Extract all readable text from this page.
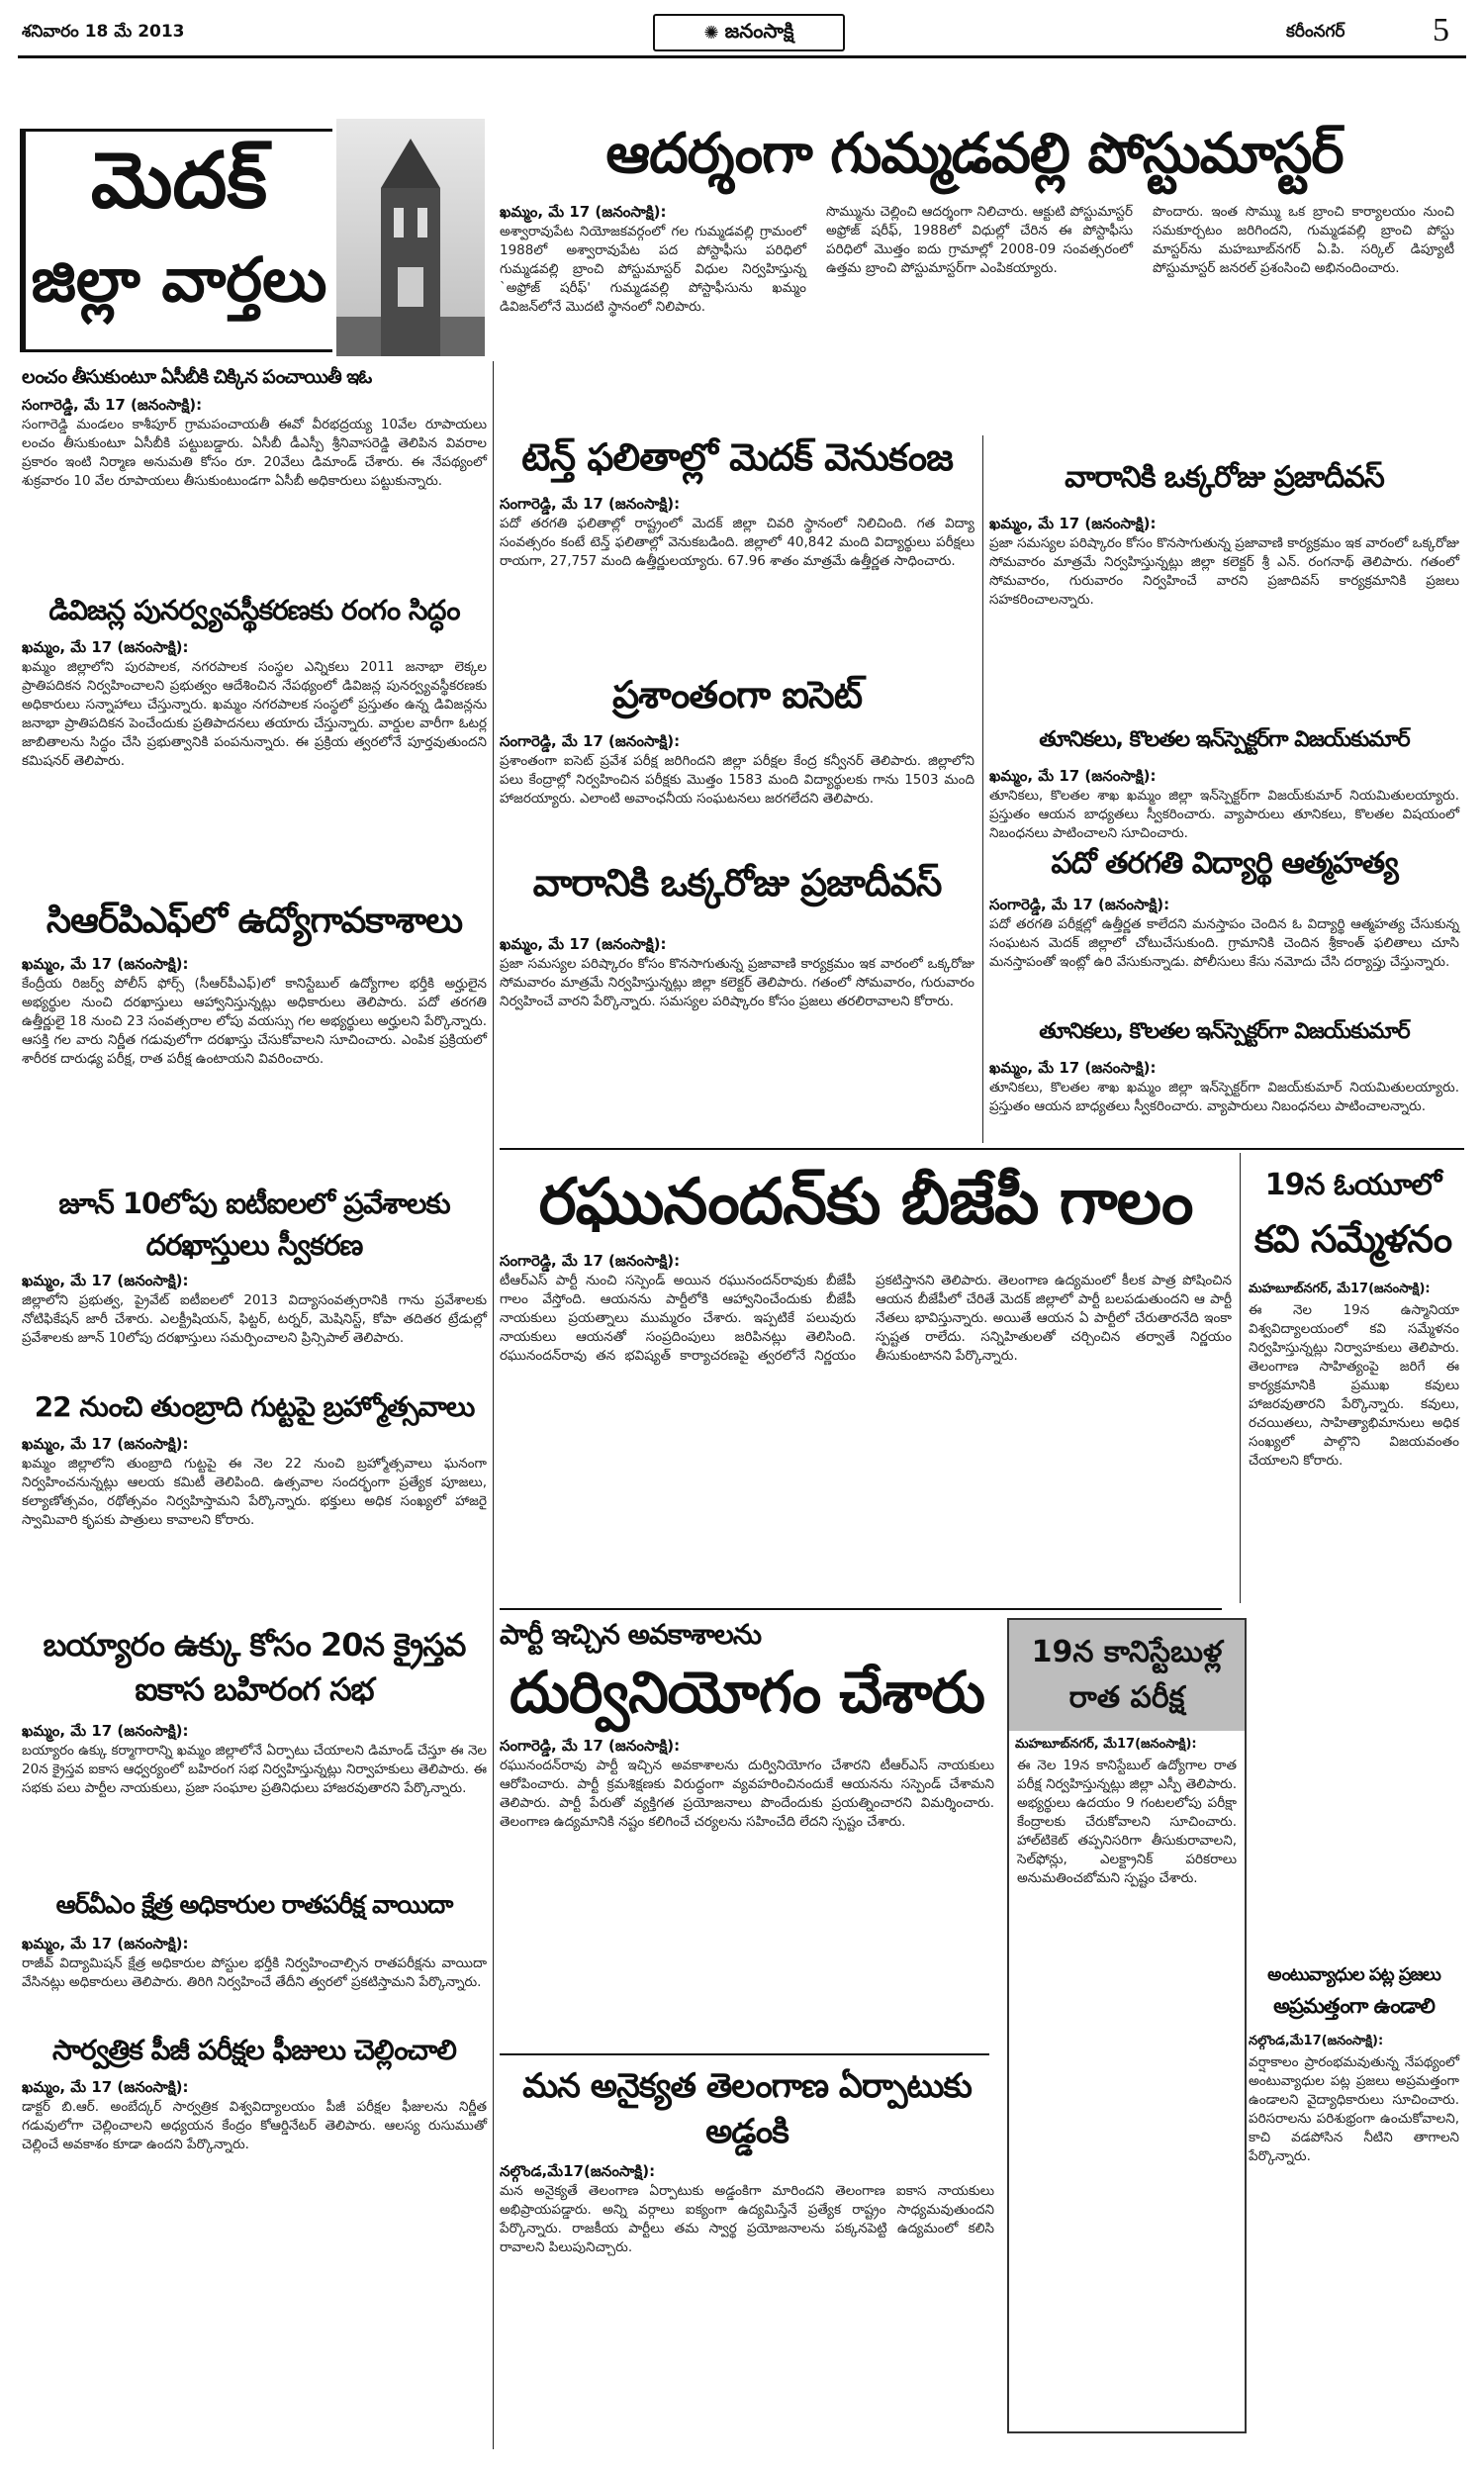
శనివారం 18 మే 2013	✺ జనంసాక్షి	కరీంనగర్	5
మెదక్
జిల్లా వార్తలు
ఆదర్శంగా గుమ్మడవల్లి పోస్టుమాస్టర్
ఖమ్మం, మే 17 (జనంసాక్షి):
అశ్వారావుపేట నియోజకవర్గంలో గల గుమ్మడవల్లి గ్రామంలో 1988లో అశ్వారావుపేట పద పోస్టాఫీసు పరిధిలో గుమ్మడవల్లి బ్రాంచి పోస్టుమాస్టర్‌ విధుల నిర్వహిస్తున్న `అఫ్రోజ్‌ షరీఫ్‌' గుమ్మడవల్లి పోస్టాఫీసును ఖమ్మం డివిజన్‌లోనే మొదటి స్థానంలో నిలిపారు.
సొమ్మును చెల్లించి ఆదర్శంగా నిలిచారు. ఆక్టుటి పోస్టుమాస్టర్‌ అఫ్రోజ్‌ షరీఫ్‌, 1988లో విధుల్లో చేరిన ఈ పోస్టాఫీసు పరిధిలో మొత్తం ఐదు గ్రామాల్లో 2008-09 సంవత్సరంలో ఉత్తమ బ్రాంచి పోస్టుమాస్టర్‌గా ఎంపికయ్యారు.
పొందారు. ఇంత సొమ్ము ఒక బ్రాంచి కార్యాలయం నుంచి సమకూర్చటం జరిగిందని, గుమ్మడవల్లి బ్రాంచి పోస్టు మాస్టర్‌ను మహబూబ్‌నగర్‌ ఏ.పి. సర్కిల్‌ డిప్యూటీ పోస్టుమాస్టర్‌ జనరల్‌ ప్రశంసించి అభినందించారు.
లంచం తీసుకుంటూ ఏసీబీకి చిక్కిన పంచాయితీ ఇఓ
సంగారెడ్డి, మే 17 (జనంసాక్షి):
సంగారెడ్డి మండలం కాశీపూర్‌ గ్రామపంచాయతీ ఈవో వీరభద్రయ్య 10వేల రూపాయలు లంచం తీసుకుంటూ ఏసీబీకి పట్టుబడ్డారు. ఏసీబీ డీఎస్పీ శ్రీనివాసరెడ్డి తెలిపిన వివరాల ప్రకారం ఇంటి నిర్మాణ అనుమతి కోసం రూ. 20వేలు డిమాండ్‌ చేశారు. ఈ నేపథ్యంలో శుక్రవారం 10 వేల రూపాయలు తీసుకుంటుండగా ఏసీబీ అధికారులు పట్టుకున్నారు.
డివిజన్ల పునర్వ్యవస్థీకరణకు రంగం సిద్ధం
ఖమ్మం, మే 17 (జనంసాక్షి):
ఖమ్మం జిల్లాలోని పురపాలక, నగరపాలక సంస్థల ఎన్నికలు 2011 జనాభా లెక్కల ప్రాతిపదికన నిర్వహించాలని ప్రభుత్వం ఆదేశించిన నేపథ్యంలో డివిజన్ల పునర్వ్యవస్థీకరణకు అధికారులు సన్నాహాలు చేస్తున్నారు. ఖమ్మం నగరపాలక సంస్థలో ప్రస్తుతం ఉన్న డివిజన్లను జనాభా ప్రాతిపదికన పెంచేందుకు ప్రతిపాదనలు తయారు చేస్తున్నారు. వార్డుల వారీగా ఓటర్ల జాబితాలను సిద్ధం చేసి ప్రభుత్వానికి పంపనున్నారు. ఈ ప్రక్రియ త్వరలోనే పూర్తవుతుందని కమిషనర్‌ తెలిపారు.
సిఆర్‌పిఎఫ్‌లో ఉద్యోగావకాశాలు
ఖమ్మం, మే 17 (జనంసాక్షి):
కేంద్రీయ రిజర్వ్‌ పోలీస్‌ ఫోర్స్‌ (సీఆర్‌పీఎఫ్‌)లో కానిస్టేబుల్‌ ఉద్యోగాల భర్తీకి అర్హులైన అభ్యర్థుల నుంచి దరఖాస్తులు ఆహ్వానిస్తున్నట్లు అధికారులు తెలిపారు. పదో తరగతి ఉత్తీర్ణులై 18 నుంచి 23 సంవత్సరాల లోపు వయస్సు గల అభ్యర్థులు అర్హులని పేర్కొన్నారు. ఆసక్తి గల వారు నిర్ణీత గడువులోగా దరఖాస్తు చేసుకోవాలని సూచించారు. ఎంపిక ప్రక్రియలో శారీరక దారుఢ్య పరీక్ష, రాత పరీక్ష ఉంటాయని వివరించారు.
జూన్‌ 10లోపు ఐటీఐలలో ప్రవేశాలకు దరఖాస్తులు స్వీకరణ
ఖమ్మం, మే 17 (జనంసాక్షి):
జిల్లాలోని ప్రభుత్వ, ప్రైవేట్‌ ఐటీఐలలో 2013 విద్యాసంవత్సరానికి గాను ప్రవేశాలకు నోటిఫికేషన్‌ జారీ చేశారు. ఎలక్ట్రీషియన్‌, ఫిట్టర్‌, టర్నర్‌, మెషినిస్ట్‌, కోపా తదితర ట్రేడుల్లో ప్రవేశాలకు జూన్‌ 10లోపు దరఖాస్తులు సమర్పించాలని ప్రిన్సిపాల్‌ తెలిపారు.
22 నుంచి తుంబ్రాది గుట్టపై బ్రహ్మోత్సవాలు
ఖమ్మం, మే 17 (జనంసాక్షి):
ఖమ్మం జిల్లాలోని తుంబ్రాది గుట్టపై ఈ నెల 22 నుంచి బ్రహ్మోత్సవాలు ఘనంగా నిర్వహించనున్నట్లు ఆలయ కమిటీ తెలిపింది. ఉత్సవాల సందర్భంగా ప్రత్యేక పూజలు, కల్యాణోత్సవం, రథోత్సవం నిర్వహిస్తామని పేర్కొన్నారు. భక్తులు అధిక సంఖ్యలో హాజరై స్వామివారి కృపకు పాత్రులు కావాలని కోరారు.
బయ్యారం ఉక్కు కోసం 20న క్రైస్తవ ఐకాస బహిరంగ సభ
ఖమ్మం, మే 17 (జనంసాక్షి):
బయ్యారం ఉక్కు కర్మాగారాన్ని ఖమ్మం జిల్లాలోనే ఏర్పాటు చేయాలని డిమాండ్‌ చేస్తూ ఈ నెల 20న క్రైస్తవ ఐకాస ఆధ్వర్యంలో బహిరంగ సభ నిర్వహిస్తున్నట్లు నిర్వాహకులు తెలిపారు. ఈ సభకు పలు పార్టీల నాయకులు, ప్రజా సంఘాల ప్రతినిధులు హాజరవుతారని పేర్కొన్నారు.
ఆర్‌వీఎం క్షేత్ర అధికారుల రాతపరీక్ష వాయిదా
ఖమ్మం, మే 17 (జనంసాక్షి):
రాజీవ్‌ విద్యామిషన్‌ క్షేత్ర అధికారుల పోస్టుల భర్తీకి నిర్వహించాల్సిన రాతపరీక్షను వాయిదా వేసినట్లు అధికారులు తెలిపారు. తిరిగి నిర్వహించే తేదీని త్వరలో ప్రకటిస్తామని పేర్కొన్నారు.
సార్వత్రిక పీజీ పరీక్షల ఫీజులు చెల్లించాలి
ఖమ్మం, మే 17 (జనంసాక్షి):
డాక్టర్‌ బి.ఆర్‌. అంబేద్కర్‌ సార్వత్రిక విశ్వవిద్యాలయం పీజీ పరీక్షల ఫీజులను నిర్ణీత గడువులోగా చెల్లించాలని అధ్యయన కేంద్రం కోఆర్డినేటర్‌ తెలిపారు. ఆలస్య రుసుముతో చెల్లించే అవకాశం కూడా ఉందని పేర్కొన్నారు.
టెన్త్‌ ఫలితాల్లో మెదక్‌ వెనుకంజ
సంగారెడ్డి, మే 17 (జనంసాక్షి):
పదో తరగతి ఫలితాల్లో రాష్ట్రంలో మెదక్‌ జిల్లా చివరి స్థానంలో నిలిచింది. గత విద్యా సంవత్సరం కంటే టెన్త్‌ ఫలితాల్లో వెనుకబడింది. జిల్లాలో 40,842 మంది విద్యార్థులు పరీక్షలు రాయగా, 27,757 మంది ఉత్తీర్ణులయ్యారు. 67.96 శాతం మాత్రమే ఉత్తీర్ణత సాధించారు.
ప్రశాంతంగా ఐసెట్‌
సంగారెడ్డి, మే 17 (జనంసాక్షి):
ప్రశాంతంగా ఐసెట్‌ ప్రవేశ పరీక్ష జరిగిందని జిల్లా పరీక్షల కేంద్ర కన్వీనర్‌ తెలిపారు. జిల్లాలోని పలు కేంద్రాల్లో నిర్వహించిన పరీక్షకు మొత్తం 1583 మంది విద్యార్థులకు గాను 1503 మంది హాజరయ్యారు. ఎలాంటి అవాంఛనీయ సంఘటనలు జరగలేదని తెలిపారు.
వారానికి ఒక్కరోజు ప్రజాదీవస్‌
ఖమ్మం, మే 17 (జనంసాక్షి):
ప్రజా సమస్యల పరిష్కారం కోసం కొనసాగుతున్న ప్రజావాణి కార్యక్రమం ఇక వారంలో ఒక్కరోజు సోమవారం మాత్రమే నిర్వహిస్తున్నట్లు జిల్లా కలెక్టర్‌ తెలిపారు. గతంలో సోమవారం, గురువారం నిర్వహించే వారని పేర్కొన్నారు. సమస్యల పరిష్కారం కోసం ప్రజలు తరలిరావాలని కోరారు.
వారానికి ఒక్కరోజు ప్రజాదీవస్‌
ఖమ్మం, మే 17 (జనంసాక్షి):
ప్రజా సమస్యల పరిష్కారం కోసం కొనసాగుతున్న ప్రజావాణి కార్యక్రమం ఇక వారంలో ఒక్కరోజు సోమవారం మాత్రమే నిర్వహిస్తున్నట్లు జిల్లా కలెక్టర్‌ శ్రీ ఎన్‌. రంగనాథ్‌ తెలిపారు. గతంలో సోమవారం, గురువారం నిర్వహించే వారని ప్రజాదివస్‌ కార్యక్రమానికి ప్రజలు సహకరించాలన్నారు.
తూనికలు, కొలతల ఇన్‌స్పెక్టర్‌గా విజయ్‌కుమార్‌
ఖమ్మం, మే 17 (జనంసాక్షి):
తూనికలు, కొలతల శాఖ ఖమ్మం జిల్లా ఇన్‌స్పెక్టర్‌గా విజయ్‌కుమార్‌ నియమితులయ్యారు. ప్రస్తుతం ఆయన బాధ్యతలు స్వీకరించారు. వ్యాపారులు తూనికలు, కొలతల విషయంలో నిబంధనలు పాటించాలని సూచించారు.
పదో తరగతి విద్యార్థి ఆత్మహత్య
సంగారెడ్డి, మే 17 (జనంసాక్షి):
పదో తరగతి పరీక్షల్లో ఉత్తీర్ణత కాలేదని మనస్తాపం చెందిన ఓ విద్యార్థి ఆత్మహత్య చేసుకున్న సంఘటన మెదక్‌ జిల్లాలో చోటుచేసుకుంది. గ్రామానికి చెందిన శ్రీకాంత్‌ ఫలితాలు చూసి మనస్తాపంతో ఇంట్లో ఉరి వేసుకున్నాడు. పోలీసులు కేసు నమోదు చేసి దర్యాప్తు చేస్తున్నారు.
తూనికలు, కొలతల ఇన్‌స్పెక్టర్‌గా విజయ్‌కుమార్‌
ఖమ్మం, మే 17 (జనంసాక్షి):
తూనికలు, కొలతల శాఖ ఖమ్మం జిల్లా ఇన్‌స్పెక్టర్‌గా విజయ్‌కుమార్‌ నియమితులయ్యారు. ప్రస్తుతం ఆయన బాధ్యతలు స్వీకరించారు. వ్యాపారులు నిబంధనలు పాటించాలన్నారు.
రఘునందన్‌కు బీజేపీ గాలం
సంగారెడ్డి, మే 17 (జనంసాక్షి):
టీఆర్‌ఎస్‌ పార్టీ నుంచి సస్పెండ్‌ అయిన రఘునందన్‌రావుకు బీజేపీ గాలం వేస్తోంది. ఆయనను పార్టీలోకి ఆహ్వానించేందుకు బీజేపీ నాయకులు ప్రయత్నాలు ముమ్మరం చేశారు. ఇప్పటికే పలువురు నాయకులు ఆయనతో సంప్రదింపులు జరిపినట్లు తెలిసింది. రఘునందన్‌రావు తన భవిష్యత్‌ కార్యాచరణపై త్వరలోనే నిర్ణయం ప్రకటిస్తానని తెలిపారు. తెలంగాణ ఉద్యమంలో కీలక పాత్ర పోషించిన ఆయన బీజేపీలో చేరితే మెదక్‌ జిల్లాలో పార్టీ బలపడుతుందని ఆ పార్టీ నేతలు భావిస్తున్నారు. అయితే ఆయన ఏ పార్టీలో చేరుతారనేది ఇంకా స్పష్టత రాలేదు. సన్నిహితులతో చర్చించిన తర్వాతే నిర్ణయం తీసుకుంటానని పేర్కొన్నారు.
19న ఓయూలో
కవి సమ్మేళనం
మహబూబ్‌నగర్‌, మే17(జనంసాక్షి):
ఈ నెల 19న ఉస్మానియా విశ్వవిద్యాలయంలో కవి సమ్మేళనం నిర్వహిస్తున్నట్లు నిర్వాహకులు తెలిపారు. తెలంగాణ సాహిత్యంపై జరిగే ఈ కార్యక్రమానికి ప్రముఖ కవులు హాజరవుతారని పేర్కొన్నారు. కవులు, రచయితలు, సాహిత్యాభిమానులు అధిక సంఖ్యలో పాల్గొని విజయవంతం చేయాలని కోరారు.
పార్టీ ఇచ్చిన అవకాశాలను
దుర్వినియోగం చేశారు
సంగారెడ్డి, మే 17 (జనంసాక్షి):
రఘునందన్‌రావు పార్టీ ఇచ్చిన అవకాశాలను దుర్వినియోగం చేశారని టీఆర్‌ఎస్‌ నాయకులు ఆరోపించారు. పార్టీ క్రమశిక్షణకు విరుద్ధంగా వ్యవహరించినందుకే ఆయనను సస్పెండ్‌ చేశామని తెలిపారు. పార్టీ పేరుతో వ్యక్తిగత ప్రయోజనాలు పొందేందుకు ప్రయత్నించారని విమర్శించారు. తెలంగాణ ఉద్యమానికి నష్టం కలిగించే చర్యలను సహించేది లేదని స్పష్టం చేశారు.
19న కానిస్టేబుళ్ల రాత పరీక్ష
మహబూబ్‌నగర్‌, మే17(జనంసాక్షి):
ఈ నెల 19న కానిస్టేబుల్‌ ఉద్యోగాల రాత పరీక్ష నిర్వహిస్తున్నట్లు జిల్లా ఎస్పీ తెలిపారు. అభ్యర్థులు ఉదయం 9 గంటలలోపు పరీక్షా కేంద్రాలకు చేరుకోవాలని సూచించారు. హాల్‌టికెట్‌ తప్పనిసరిగా తీసుకురావాలని, సెల్‌ఫోన్లు, ఎలక్ట్రానిక్‌ పరికరాలు అనుమతించబోమని స్పష్టం చేశారు.
అంటువ్యాధుల పట్ల ప్రజలు
అప్రమత్తంగా ఉండాలి
నల్గొండ,మే17(జనంసాక్షి):
వర్షాకాలం ప్రారంభమవుతున్న నేపథ్యంలో అంటువ్యాధుల పట్ల ప్రజలు అప్రమత్తంగా ఉండాలని వైద్యాధికారులు సూచించారు. పరిసరాలను పరిశుభ్రంగా ఉంచుకోవాలని, కాచి వడపోసిన నీటిని తాగాలని పేర్కొన్నారు.
మన అనైక్యత తెలంగాణ ఏర్పాటుకు అడ్డంకి
నల్గొండ,మే17(జనంసాక్షి):
మన అనైక్యతే తెలంగాణ ఏర్పాటుకు అడ్డంకిగా మారిందని తెలంగాణ ఐకాస నాయకులు అభిప్రాయపడ్డారు. అన్ని వర్గాలు ఐక్యంగా ఉద్యమిస్తేనే ప్రత్యేక రాష్ట్రం సాధ్యమవుతుందని పేర్కొన్నారు. రాజకీయ పార్టీలు తమ స్వార్థ ప్రయోజనాలను పక్కనపెట్టి ఉద్యమంలో కలిసి రావాలని పిలుపునిచ్చారు.
